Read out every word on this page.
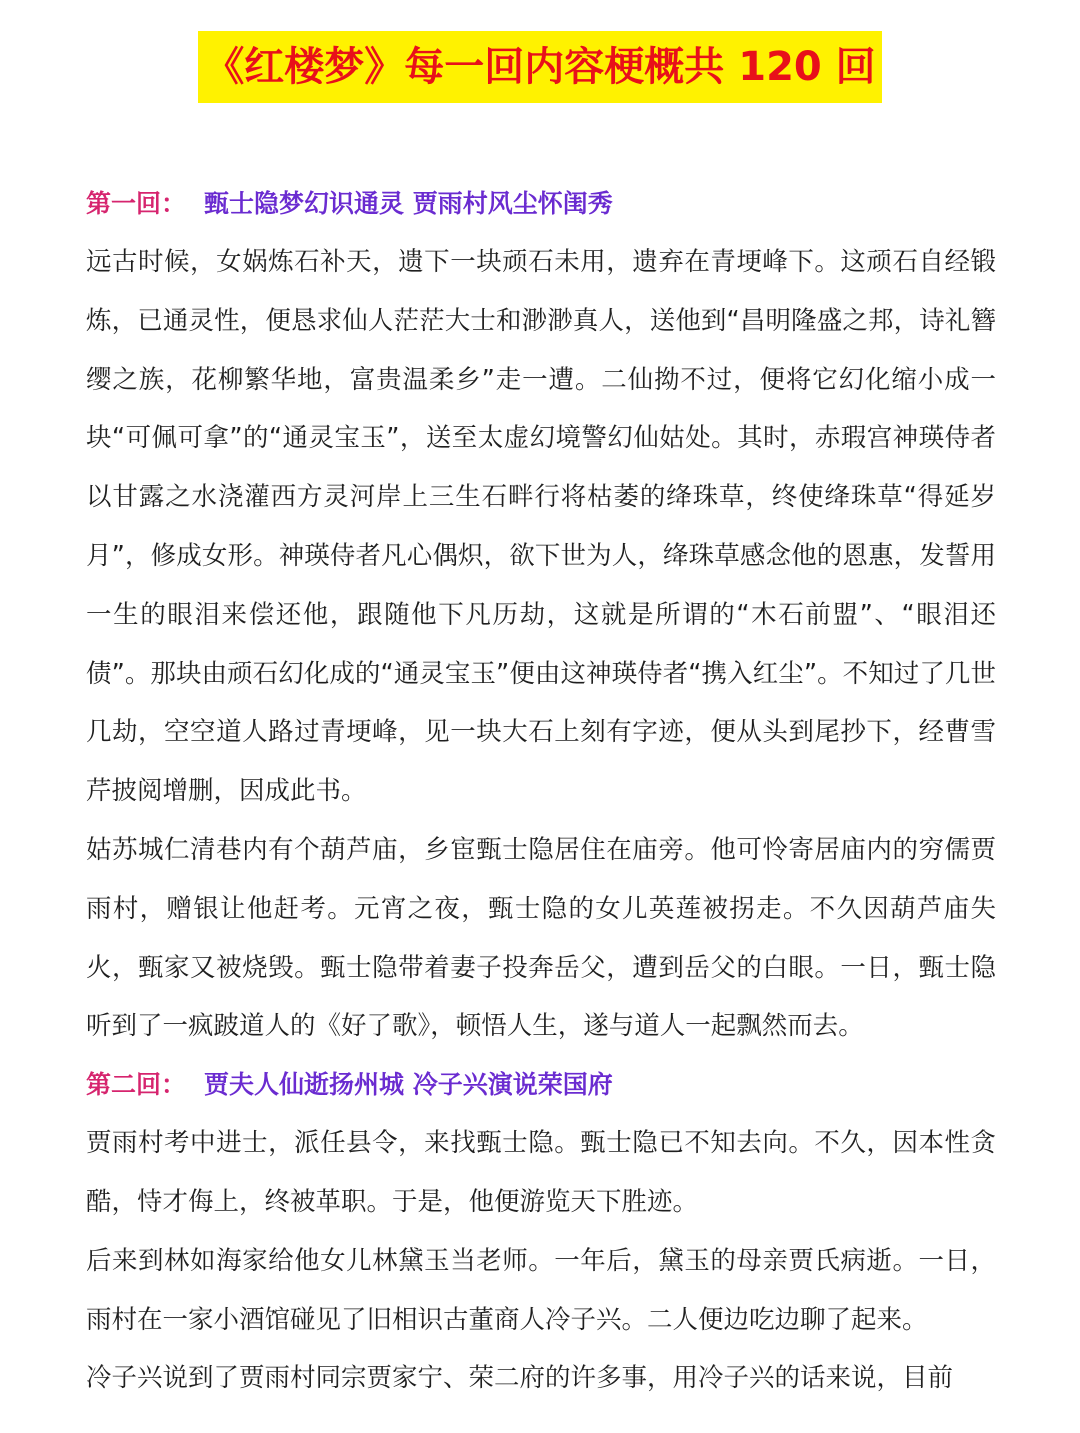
《红楼梦》每一回内容梗概共 120 回
第一回： 甄士隐梦幻识通灵 贾雨村风尘怀闺秀

远古时候，女娲炼石补天，遗下一块顽石未用，遗弃在青埂峰下。这顽石自经锻炼，已通灵性，便恳求仙人茫茫大士和渺渺真人，送他到“昌明隆盛之邦，诗礼簪缨之族，花柳繁华地，富贵温柔乡”走一遭。二仙拗不过，便将它幻化缩小成一块“可佩可拿”的“通灵宝玉”，送至太虚幻境警幻仙姑处。其时，赤瑕宫神瑛侍者以甘露之水浇灌西方灵河岸上三生石畔行将枯萎的绛珠草，终使绛珠草“得延岁月”，修成女形。神瑛侍者凡心偶炽，欲下世为人，绛珠草感念他的恩惠，发誓用一生的眼泪来偿还他，跟随他下凡历劫，这就是所谓的“木石前盟”、“眼泪还债”。那块由顽石幻化成的“通灵宝玉”便由这神瑛侍者“携入红尘”。不知过了几世几劫，空空道人路过青埂峰，见一块大石上刻有字迹，便从头到尾抄下，经曹雪芹披阅增删，因成此书。

姑苏城仁清巷内有个葫芦庙，乡宦甄士隐居住在庙旁。他可怜寄居庙内的穷儒贾雨村，赠银让他赶考。元宵之夜，甄士隐的女儿英莲被拐走。不久因葫芦庙失火，甄家又被烧毁。甄士隐带着妻子投奔岳父，遭到岳父的白眼。一日，甄士隐听到了一疯跛道人的《好了歌》，顿悟人生，遂与道人一起飘然而去。

第二回： 贾夫人仙逝扬州城 冷子兴演说荣国府

贾雨村考中进士，派任县令，来找甄士隐。甄士隐已不知去向。不久，因本性贪酷，恃才侮上，终被革职。于是，他便游览天下胜迹。

后来到林如海家给他女儿林黛玉当老师。一年后，黛玉的母亲贾氏病逝。一日，雨村在一家小酒馆碰见了旧相识古董商人冷子兴。二人便边吃边聊了起来。

冷子兴说到了贾雨村同宗贾家宁、荣二府的许多事，用冷子兴的话来说，目前
